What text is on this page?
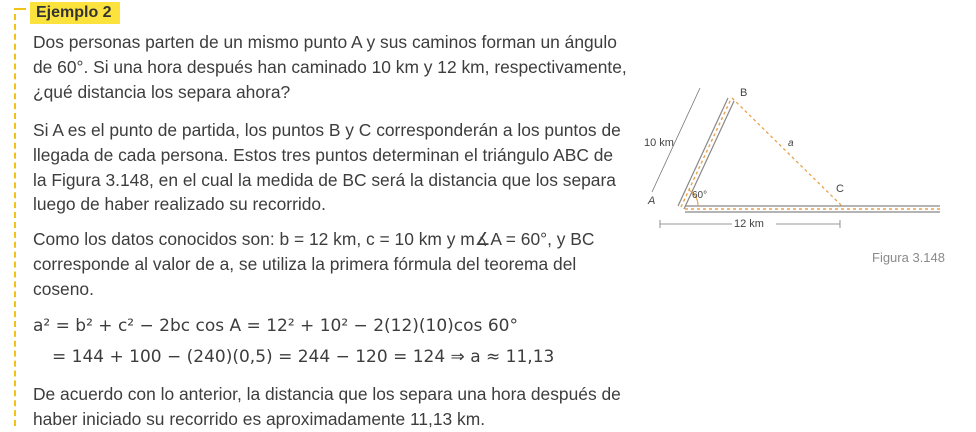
Ejemplo 2
Dos personas parten de un mismo punto A y sus caminos forman un ángulo de 60°. Si una hora después han caminado 10 km y 12 km, respectivamente, ¿qué distancia los separa ahora?
Si A es el punto de partida, los puntos B y C corresponderán a los puntos de llegada de cada persona. Estos tres puntos determinan el triángulo ABC de la Figura 3.148, en el cual la medida de BC será la distancia que los separa luego de haber realizado su recorrido.
Como los datos conocidos son: b = 12 km, c = 10 km y m∡A = 60°, y BC corresponde al valor de a, se utiliza la primera fórmula del teorema del coseno.
a² = b² + c² − 2bc cos A = 12² + 10² − 2(12)(10)cos 60°
= 144 + 100 − (240)(0,5) = 244 − 120 = 124 ⇒ a ≈ 11,13
De acuerdo con lo anterior, la distancia que los separa una hora después de haber iniciado su recorrido es aproximadamente 11,13 km.
B
A
C
a
10 km
60°
12 km
Figura 3.148
